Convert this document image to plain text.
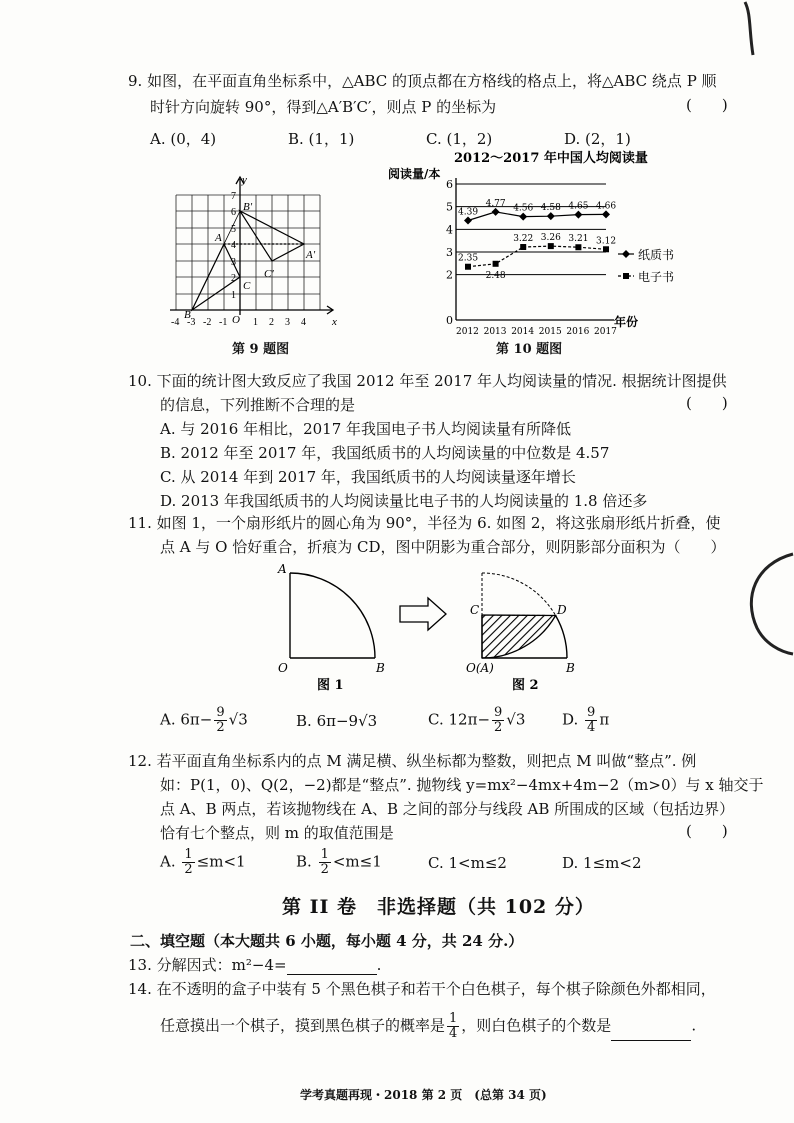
9. 如图，在平面直角坐标系中，△ABC 的顶点都在方格线的格点上，将△ABC 绕点 P 顺
时针方向旋转 90°，得到△A′B′C′，则点 P 的坐标为	(　　)
A. (0，4)	B. (1，1)	C. (1，2)	D. (2，1)
y
x
O
A
B
C
A′
B′
C′
-4 -3 -2 -1	1 2 3 4
1
2
3
4
5
6
7
第 9 题图
2012～2017 年中国人均阅读量
阅读量/本
年份
0
2
3
4
5
6
2012 2013 2014 2015 2016 2017
4.39
4.77 4.56 4.58 4.65 4.66
2.35
2.48
3.22 3.26 3.21 3.12
纸质书
电子书
第 10 题图
10. 下面的统计图大致反应了我国 2012 年至 2017 年人均阅读量的情况. 根据统计图提供
的信息，下列推断不合理的是	(　　)
A. 与 2016 年相比，2017 年我国电子书人均阅读量有所降低
B. 2012 年至 2017 年，我国纸质书的人均阅读量的中位数是 4.57
C. 从 2014 年到 2017 年，我国纸质书的人均阅读量逐年增长
D. 2013 年我国纸质书的人均阅读量比电子书的人均阅读量的 1.8 倍还多
11. 如图 1，一个扇形纸片的圆心角为 90°，半径为 6. 如图 2，将这张扇形纸片折叠，使
点 A 与 O 恰好重合，折痕为 CD，图中阴影为重合部分，则阴影部分面积为（　　）
A
O	B
C	D
O(A)	B
图 1	图 2
A. $6\pi- \frac{9}{2} √3$	B. 6π−9√3	C. $12\pi- \frac{9}{2} √3$ D. $\frac{9}{4}$ π
12. 若平面直角坐标系内的点 M 满足横、纵坐标都为整数，则把点 M 叫做“整点”. 例
如：P(1，0)、Q(2，−2)都是“整点”. 抛物线 y=mx²−4mx+4m−2（m>0）与 x 轴交于
点 A、B 两点，若该抛物线在 A、B 之间的部分与线段 AB 所围成的区域（包括边界）
恰有七个整点，则 m 的取值范围是	(　　)
A. $\frac{1}{2} \le m<1$	B. $\frac{1}{2} <m\le 1$	C. 1<m≤2	D. 1≤m<2
第 II 卷　非选择题（共 102 分）
二、填空题（本大题共 6 小题，每小题 4 分，共 24 分.）
13. 分解因式：m²−4=	.
14. 在不透明的盒子中装有 5 个黑色棋子和若干个白色棋子，每个棋子除颜色外都相同，
任意摸出一个棋子，摸到黑色棋子的概率是 $\frac{1}{4}$ ，则白色棋子的个数是	.
学考真题再现・2018 第 2 页　(总第 34 页)
